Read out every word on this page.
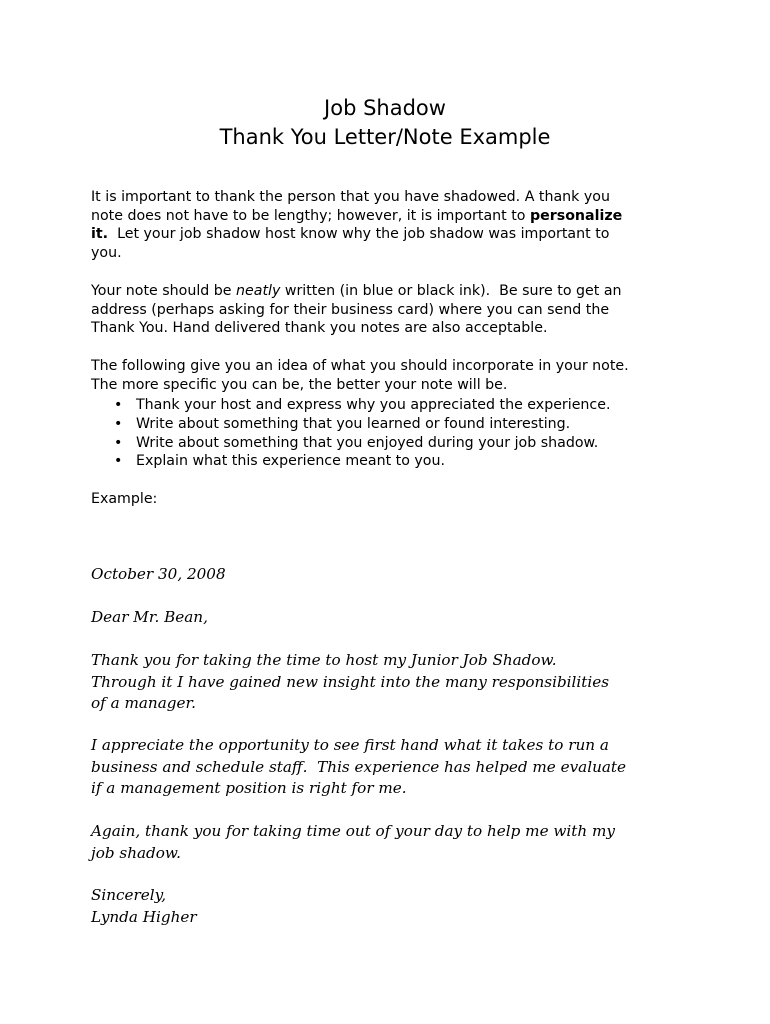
Job Shadow
Thank You Letter/Note Example

It is important to thank the person that you have shadowed. A thank you
note does not have to be lengthy; however, it is important to personalize
it.  Let your job shadow host know why the job shadow was important to
you.

Your note should be neatly written (in blue or black ink).  Be sure to get an
address (perhaps asking for their business card) where you can send the
Thank You. Hand delivered thank you notes are also acceptable.

The following give you an idea of what you should incorporate in your note.
The more specific you can be, the better your note will be.

• Thank your host and express why you appreciated the experience.
• Write about something that you learned or found interesting.
• Write about something that you enjoyed during your job shadow.
• Explain what this experience meant to you.
Example:
October 30, 2008
Dear Mr. Bean,
Thank you for taking the time to host my Junior Job Shadow.
Through it I have gained new insight into the many responsibilities
of a manager.
I appreciate the opportunity to see first hand what it takes to run a
business and schedule staff.  This experience has helped me evaluate
if a management position is right for me.
Again, thank you for taking time out of your day to help me with my
job shadow.
Sincerely,
Lynda Higher
